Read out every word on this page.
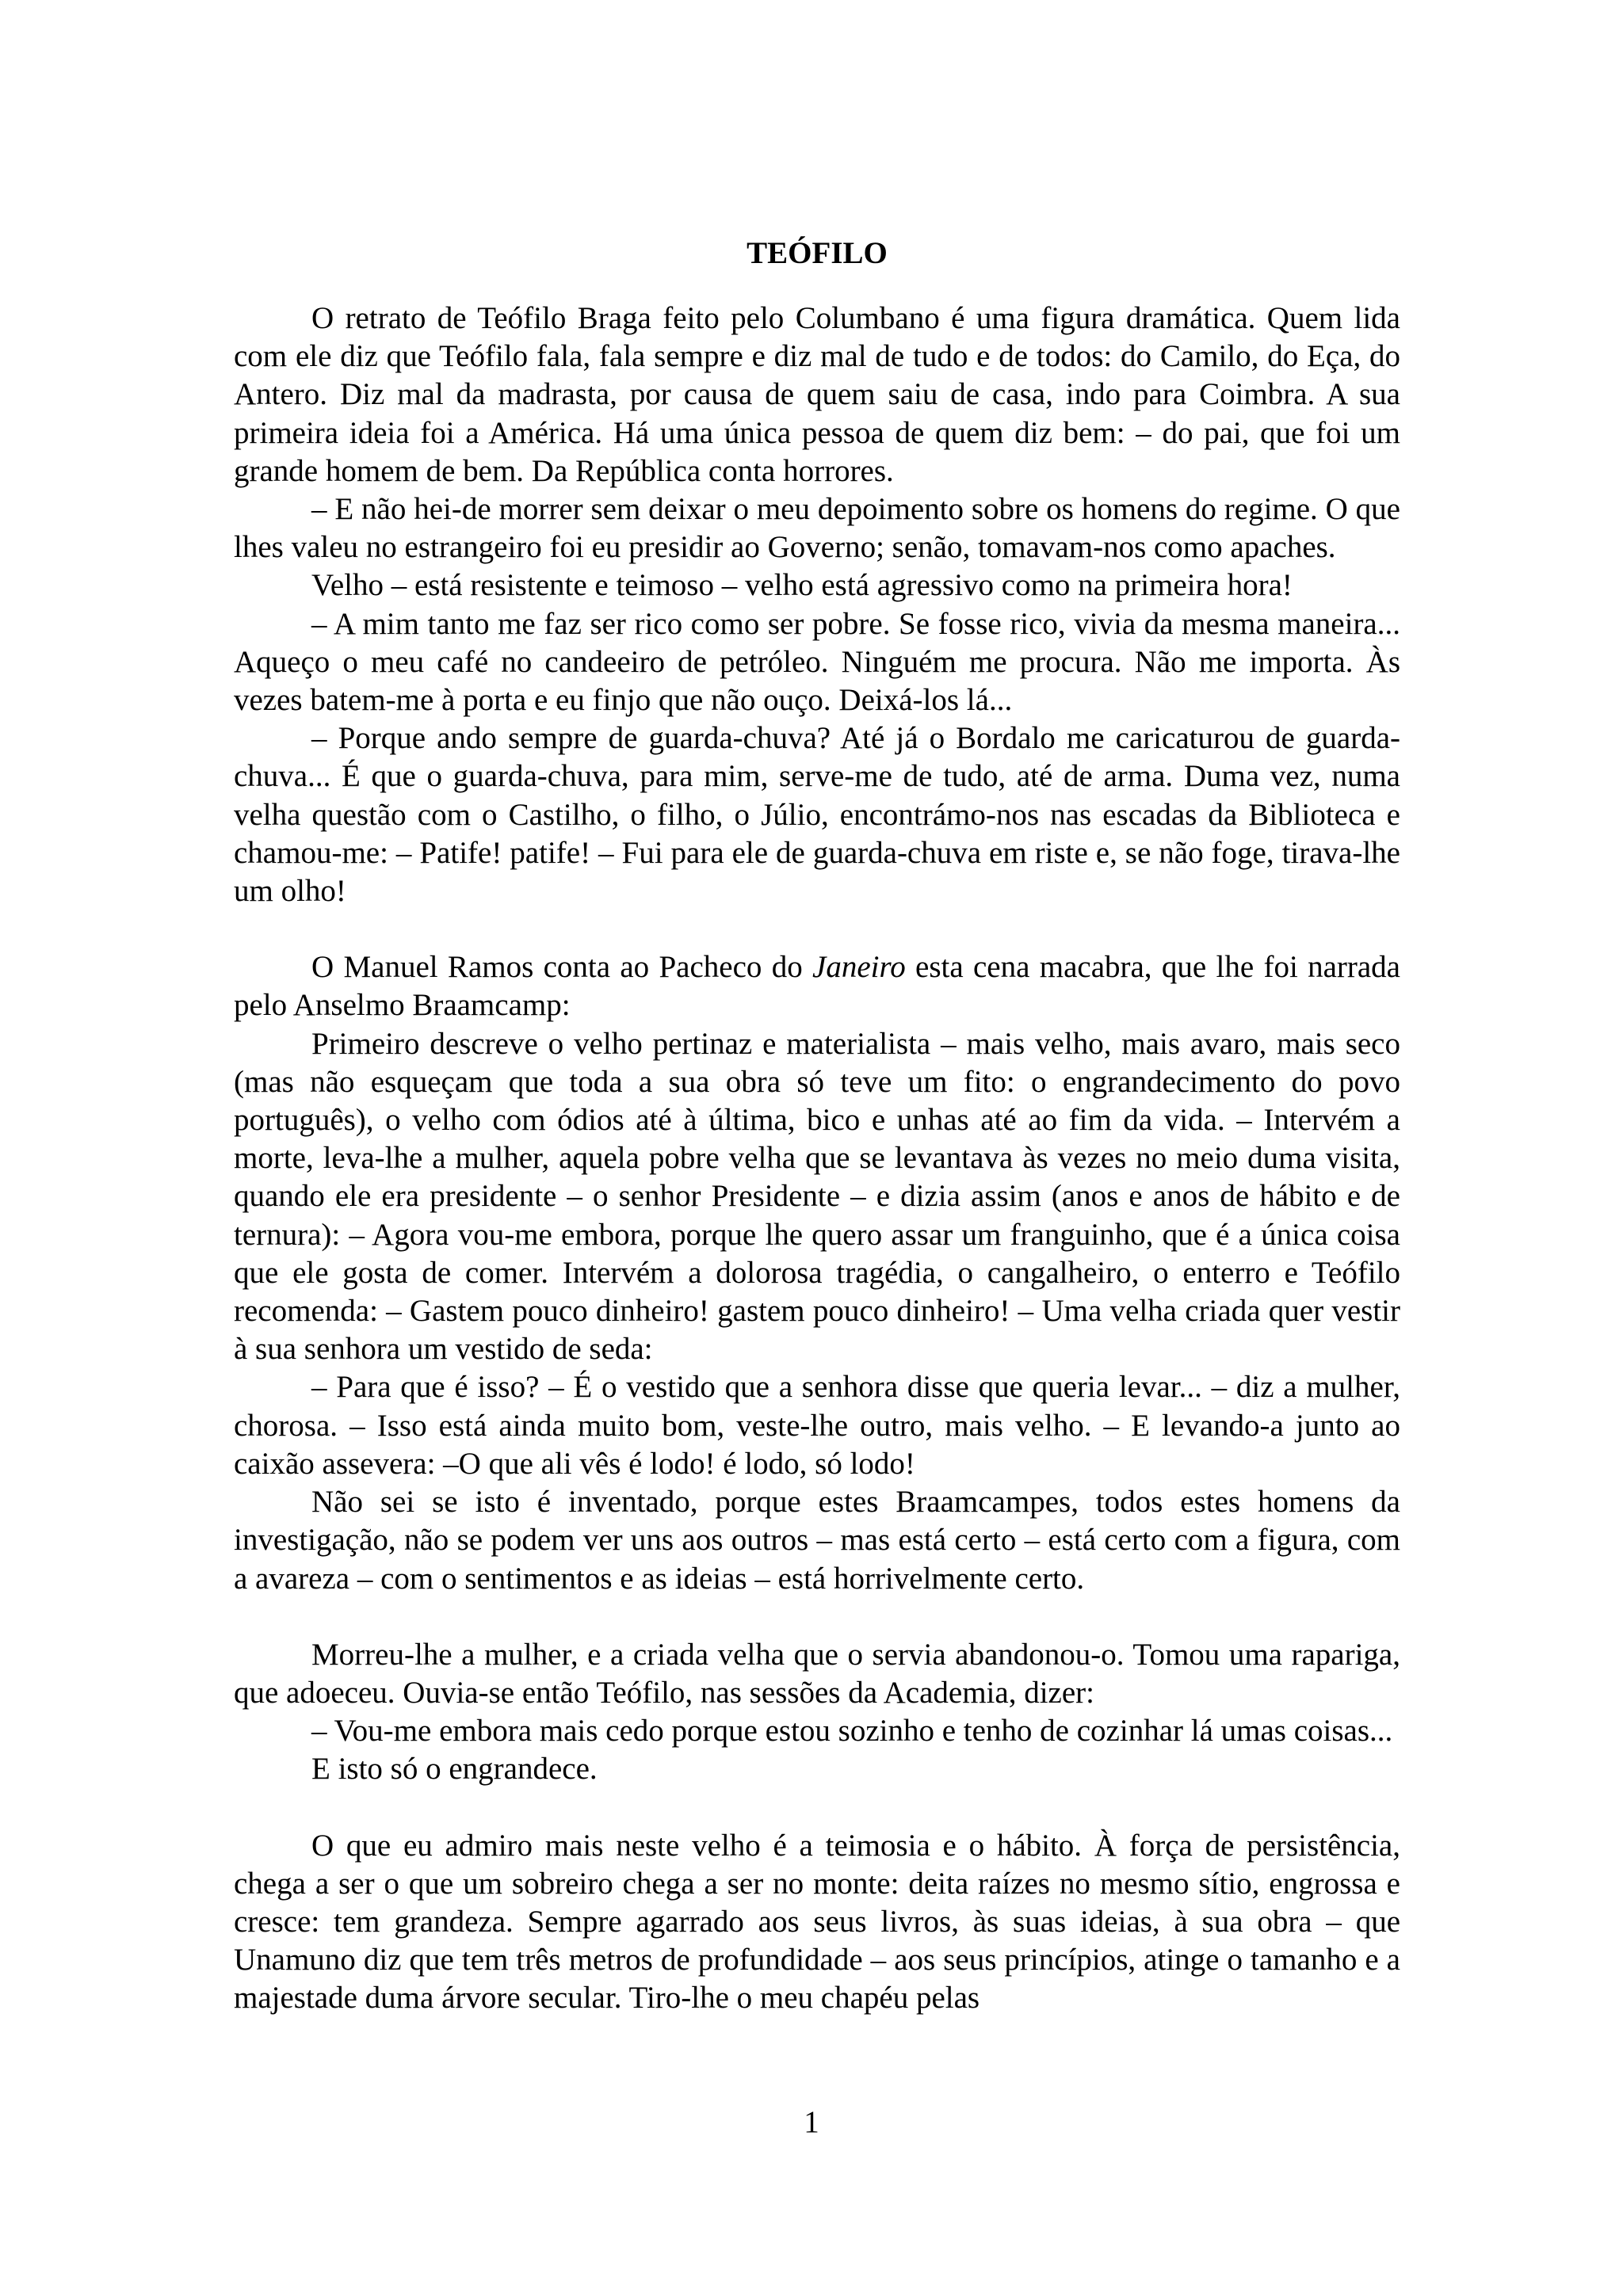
TEÓFILO

O retrato de Teófilo Braga feito pelo Columbano é uma figura dramática. Quem lida com ele diz que Teófilo fala, fala sempre e diz mal de tudo e de todos: do Camilo, do Eça, do Antero. Diz mal da madrasta, por causa de quem saiu de casa, indo para Coimbra. A sua primeira ideia foi a América. Há uma única pessoa de quem diz bem: – do pai, que foi um grande homem de bem. Da República conta horrores.

– E não hei-de morrer sem deixar o meu depoimento sobre os homens do regime. O que lhes valeu no estrangeiro foi eu presidir ao Governo; senão, tomavam-nos como apaches.

Velho – está resistente e teimoso – velho está agressivo como na primeira hora!

– A mim tanto me faz ser rico como ser pobre. Se fosse rico, vivia da mesma maneira... Aqueço o meu café no candeeiro de petróleo. Ninguém me procura. Não me importa. Às vezes batem-me à porta e eu finjo que não ouço. Deixá-los lá...

– Porque ando sempre de guarda-chuva? Até já o Bordalo me caricaturou de guarda-chuva... É que o guarda-chuva, para mim, serve-me de tudo, até de arma. Duma vez, numa velha questão com o Castilho, o filho, o Júlio, encontrámo-nos nas escadas da Biblioteca e chamou-me: – Patife! patife! – Fui para ele de guarda-chuva em riste e, se não foge, tirava-lhe um olho!

O Manuel Ramos conta ao Pacheco do Janeiro esta cena macabra, que lhe foi narrada pelo Anselmo Braamcamp:

Primeiro descreve o velho pertinaz e materialista – mais velho, mais avaro, mais seco (mas não esqueçam que toda a sua obra só teve um fito: o engrandecimento do povo português), o velho com ódios até à última, bico e unhas até ao fim da vida. – Intervém a morte, leva-lhe a mulher, aquela pobre velha que se levantava às vezes no meio duma visita, quando ele era presidente – o senhor Presidente – e dizia assim (anos e anos de hábito e de ternura): – Agora vou-me embora, porque lhe quero assar um franguinho, que é a única coisa que ele gosta de comer. Intervém a dolorosa tragédia, o cangalheiro, o enterro e Teófilo recomenda: – Gastem pouco dinheiro! gastem pouco dinheiro! – Uma velha criada quer vestir à sua senhora um vestido de seda:

– Para que é isso? – É o vestido que a senhora disse que queria levar... – diz a mulher, chorosa. – Isso está ainda muito bom, veste-lhe outro, mais velho. – E levando-a junto ao caixão assevera: –O que ali vês é lodo! é lodo, só lodo!

Não sei se isto é inventado, porque estes Braamcampes, todos estes homens da investigação, não se podem ver uns aos outros – mas está certo – está certo com a figura, com a avareza – com o sentimentos e as ideias – está horrivelmente certo.

Morreu-lhe a mulher, e a criada velha que o servia abandonou-o. Tomou uma rapariga, que adoeceu. Ouvia-se então Teófilo, nas sessões da Academia, dizer:

– Vou-me embora mais cedo porque estou sozinho e tenho de cozinhar lá umas coisas...

E isto só o engrandece.

O que eu admiro mais neste velho é a teimosia e o hábito. À força de persistência, chega a ser o que um sobreiro chega a ser no monte: deita raízes no mesmo sítio, engrossa e cresce: tem grandeza. Sempre agarrado aos seus livros, às suas ideias, à sua obra – que Unamuno diz que tem três metros de profundidade – aos seus princípios, atinge o tamanho e a majestade duma árvore secular. Tiro-lhe o meu chapéu pelas

1
